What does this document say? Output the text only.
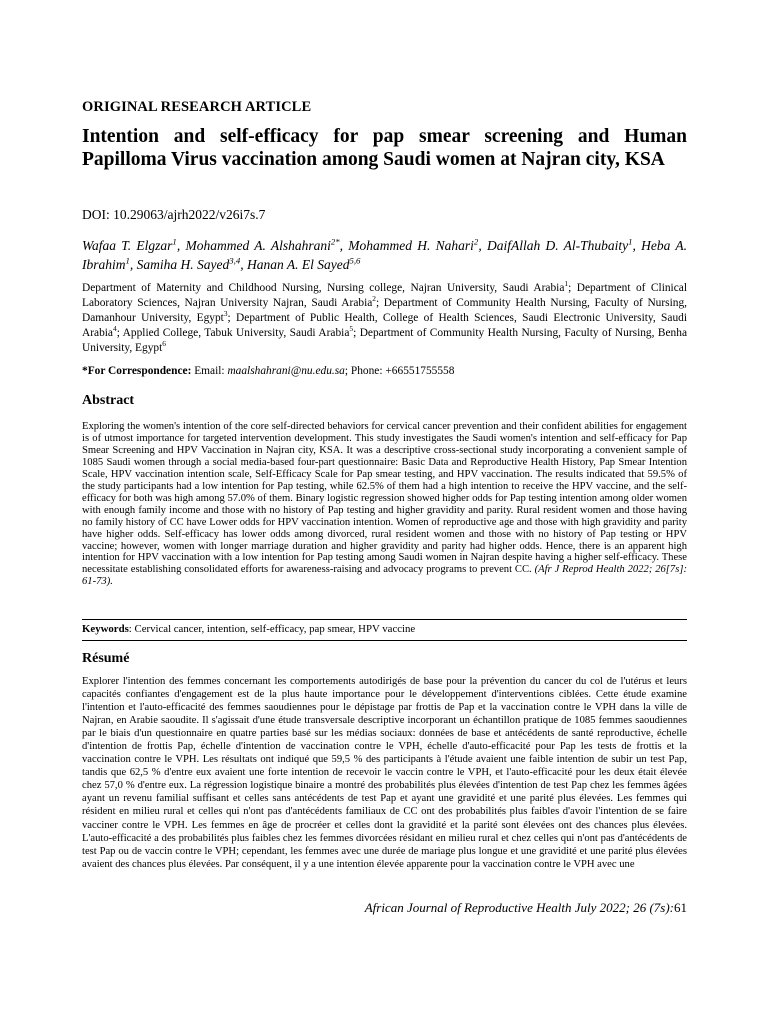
ORIGINAL RESEARCH ARTICLE
Intention and self-efficacy for pap smear screening and Human Papilloma Virus vaccination among Saudi women at Najran city, KSA
DOI: 10.29063/ajrh2022/v26i7s.7

Wafaa T. Elgzar$^1$, Mohammed A. Alshahrani$^{2*}$, Mohammed H. Nahari$^2$, DaifAllah D. Al-Thubaity$^1$, Heba A. Ibrahim$^1$, Samiha H. Sayed$^{3,4}$, Hanan A. El Sayed$^{5,6}$

Department of Maternity and Childhood Nursing, Nursing college, Najran University, Saudi Arabia$^1$; Department of Clinical Laboratory Sciences, Najran University Najran, Saudi Arabia$^2$; Department of Community Health Nursing, Faculty of Nursing, Damanhour University, Egypt$^3$; Department of Public Health, College of Health Sciences, Saudi Electronic University, Saudi Arabia$^4$; Applied College, Tabuk University, Saudi Arabia$^5$; Department of Community Health Nursing, Faculty of Nursing, Benha University, Egypt$^6$

*For Correspondence: Email: maalshahrani@nu.edu.sa; Phone: +66551755558
Abstract

Exploring the women's intention of the core self-directed behaviors for cervical cancer prevention and their confident abilities for engagement is of utmost importance for targeted intervention development. This study investigates the Saudi women's intention and self-efficacy for Pap Smear Screening and HPV Vaccination in Najran city, KSA. It was a descriptive cross-sectional study incorporating a convenient sample of 1085 Saudi women through a social media-based four-part questionnaire: Basic Data and Reproductive Health History, Pap Smear Intention Scale, HPV vaccination intention scale, Self-Efficacy Scale for Pap smear testing, and HPV vaccination. The results indicated that 59.5% of the study participants had a low intention for Pap testing, while 62.5% of them had a high intention to receive the HPV vaccine, and the self-efficacy for both was high among 57.0% of them. Binary logistic regression showed higher odds for Pap testing intention among older women with enough family income and those with no history of Pap testing and higher gravidity and parity. Rural resident women and those having no family history of CC have Lower odds for HPV vaccination intention. Women of reproductive age and those with high gravidity and parity have higher odds. Self-efficacy has lower odds among divorced, rural resident women and those with no history of Pap testing or HPV vaccine; however, women with longer marriage duration and higher gravidity and parity had higher odds. Hence, there is an apparent high intention for HPV vaccination with a low intention for Pap testing among Saudi women in Najran despite having a higher self-efficacy. These necessitate establishing consolidated efforts for awareness-raising and advocacy programs to prevent CC. (Afr J Reprod Health 2022; 26[7s]: 61-73).

Keywords: Cervical cancer, intention, self-efficacy, pap smear, HPV vaccine
Résumé

Explorer l'intention des femmes concernant les comportements autodirigés de base pour la prévention du cancer du col de l'utérus et leurs capacités confiantes d'engagement est de la plus haute importance pour le développement d'interventions ciblées. Cette étude examine l'intention et l'auto-efficacité des femmes saoudiennes pour le dépistage par frottis de Pap et la vaccination contre le VPH dans la ville de Najran, en Arabie saoudite. Il s'agissait d'une étude transversale descriptive incorporant un échantillon pratique de 1085 femmes saoudiennes par le biais d'un questionnaire en quatre parties basé sur les médias sociaux: données de base et antécédents de santé reproductive, échelle d'intention de frottis Pap, échelle d'intention de vaccination contre le VPH, échelle d'auto-efficacité pour Pap les tests de frottis et la vaccination contre le VPH. Les résultats ont indiqué que 59,5 % des participants à l'étude avaient une faible intention de subir un test Pap, tandis que 62,5 % d'entre eux avaient une forte intention de recevoir le vaccin contre le VPH, et l'auto-efficacité pour les deux était élevée chez 57,0 % d'entre eux. La régression logistique binaire a montré des probabilités plus élevées d'intention de test Pap chez les femmes âgées ayant un revenu familial suffisant et celles sans antécédents de test Pap et ayant une gravidité et une parité plus élevées. Les femmes qui résident en milieu rural et celles qui n'ont pas d'antécédents familiaux de CC ont des probabilités plus faibles d'avoir l'intention de se faire vacciner contre le VPH. Les femmes en âge de procréer et celles dont la gravidité et la parité sont élevées ont des chances plus élevées. L'auto-efficacité a des probabilités plus faibles chez les femmes divorcées résidant en milieu rural et chez celles qui n'ont pas d'antécédents de test Pap ou de vaccin contre le VPH; cependant, les femmes avec une durée de mariage plus longue et une gravidité et une parité plus élevées avaient des chances plus élevées. Par conséquent, il y a une intention élevée apparente pour la vaccination contre le VPH avec une

African Journal of Reproductive Health July 2022; 26 (7s):61
